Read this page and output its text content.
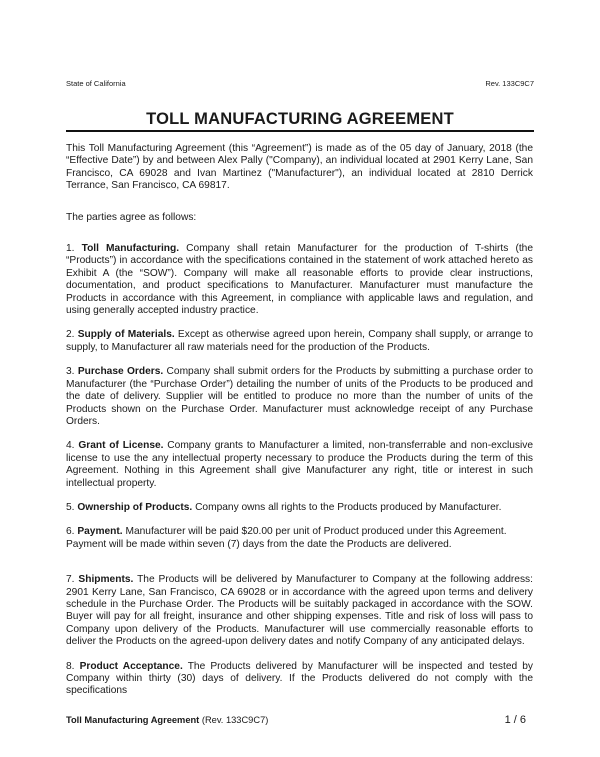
State of California	Rev. 133C9C7
TOLL MANUFACTURING AGREEMENT

This Toll Manufacturing Agreement (this “Agreement”) is made as of the 05 day of January, 2018 (the “Effective Date”) by and between Alex Pally ("Company), an individual located at 2901 Kerry Lane, San Francisco, CA 69028 and Ivan Martinez ("Manufacturer"), an individual located at 2810 Derrick Terrance, San Francisco, CA 69817.

The parties agree as follows:

1. Toll Manufacturing. Company shall retain Manufacturer for the production of T-shirts (the “Products”) in accordance with the specifications contained in the statement of work attached hereto as Exhibit A (the “SOW”). Company will make all reasonable efforts to provide clear instructions, documentation, and product specifications to Manufacturer. Manufacturer must manufacture the Products in accordance with this Agreement, in compliance with applicable laws and regulation, and using generally accepted industry practice.

2. Supply of Materials. Except as otherwise agreed upon herein, Company shall supply, or arrange to supply, to Manufacturer all raw materials need for the production of the Products.

3. Purchase Orders. Company shall submit orders for the Products by submitting a purchase order to Manufacturer (the “Purchase Order”) detailing the number of units of the Products to be produced and the date of delivery. Supplier will be entitled to produce no more than the number of units of the Products shown on the Purchase Order. Manufacturer must acknowledge receipt of any Purchase Orders.

4. Grant of License. Company grants to Manufacturer a limited, non-transferrable and non-exclusive license to use the any intellectual property necessary to produce the Products during the term of this Agreement. Nothing in this Agreement shall give Manufacturer any right, title or interest in such intellectual property.

5. Ownership of Products. Company owns all rights to the Products produced by Manufacturer.

6. Payment. Manufacturer will be paid $20.00 per unit of Product produced under this Agreement.
Payment will be made within seven (7) days from the date the Products are delivered.

7. Shipments. The Products will be delivered by Manufacturer to Company at the following address: 2901 Kerry Lane, San Francisco, CA 69028 or in accordance with the agreed upon terms and delivery schedule in the Purchase Order. The Products will be suitably packaged in accordance with the SOW. Buyer will pay for all freight, insurance and other shipping expenses. Title and risk of loss will pass to Company upon delivery of the Products. Manufacturer will use commercially reasonable efforts to deliver the Products on the agreed-upon delivery dates and notify Company of any anticipated delays.

8. Product Acceptance. The Products delivered by Manufacturer will be inspected and tested by Company within thirty (30) days of delivery. If the Products delivered do not comply with the specifications

Toll Manufacturing Agreement (Rev. 133C9C7)	1 / 6
